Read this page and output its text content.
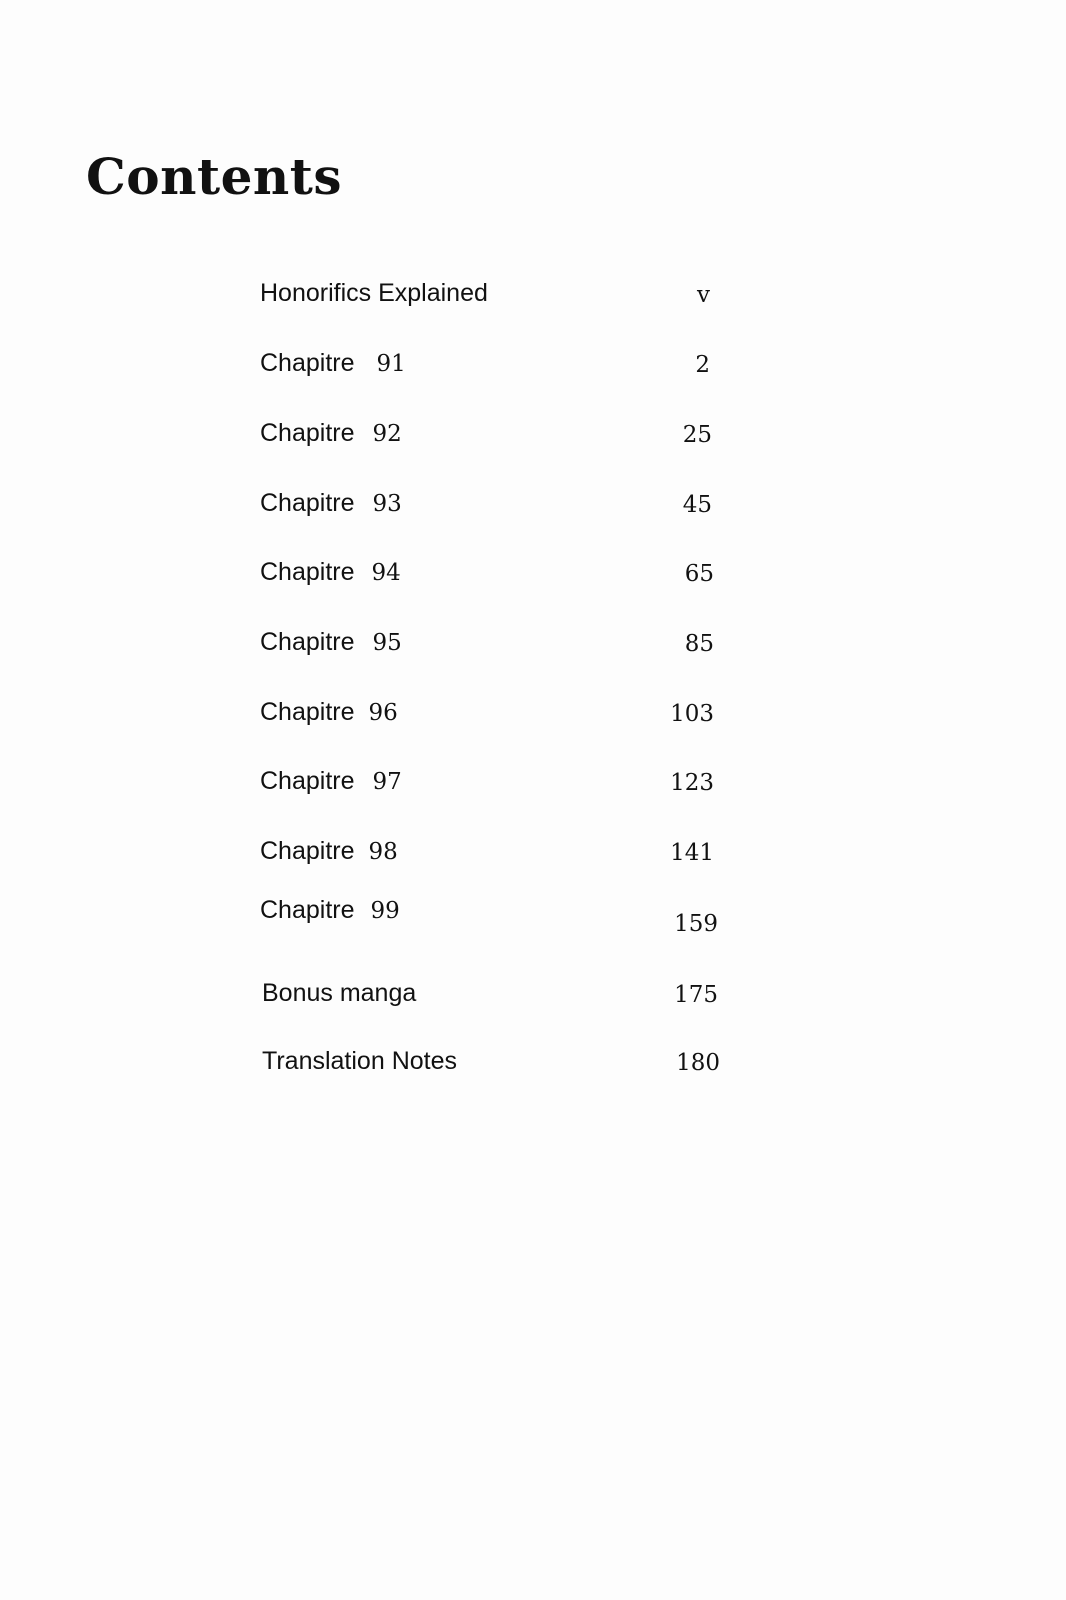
Contents
Honorifics Explained	v
Chapitre 91	2
Chapitre 92	25
Chapitre 93	45
Chapitre 94	65
Chapitre 95	85
Chapitre 96	103
Chapitre 97	123
Chapitre 98	141
Chapitre 99	159
Bonus manga	175
Translation Notes	180
